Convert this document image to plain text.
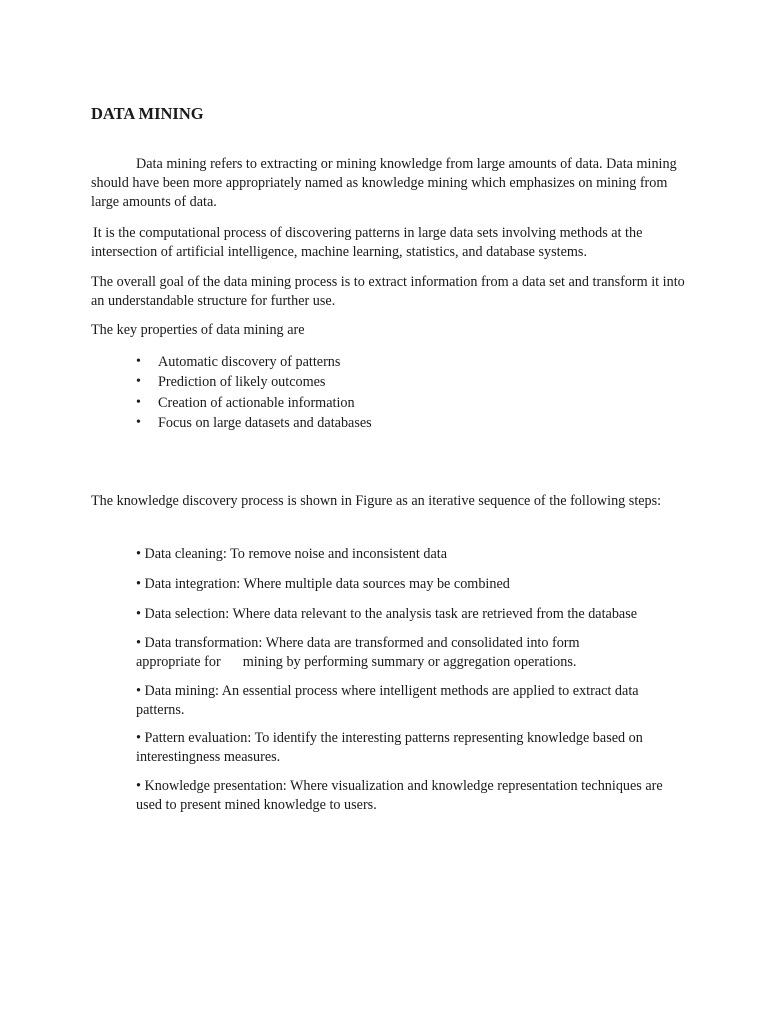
DATA MINING

Data mining refers to extracting or mining knowledge from large amounts of data. Data mining should have been more appropriately named as knowledge mining which emphasizes on mining from large amounts of data.

It is the computational process of discovering patterns in large data sets involving methods at the intersection of artificial intelligence, machine learning, statistics, and database systems.

The overall goal of the data mining process is to extract information from a data set and transform it into an understandable structure for further use.

The key properties of data mining are

• Automatic discovery of patterns
• Prediction of likely outcomes
• Creation of actionable information
• Focus on large datasets and databases

The knowledge discovery process is shown in Figure as an iterative sequence of the following steps:

• Data cleaning: To remove noise and inconsistent data

• Data integration: Where multiple data sources may be combined

• Data selection: Where data relevant to the analysis task are retrieved from the database

• Data transformation: Where data are transformed and consolidated into form appropriate for mining by performing summary or aggregation operations.

• Data mining: An essential process where intelligent methods are applied to extract data patterns.

• Pattern evaluation: To identify the interesting patterns representing knowledge based on interestingness measures.

• Knowledge presentation: Where visualization and knowledge representation techniques are used to present mined knowledge to users.
